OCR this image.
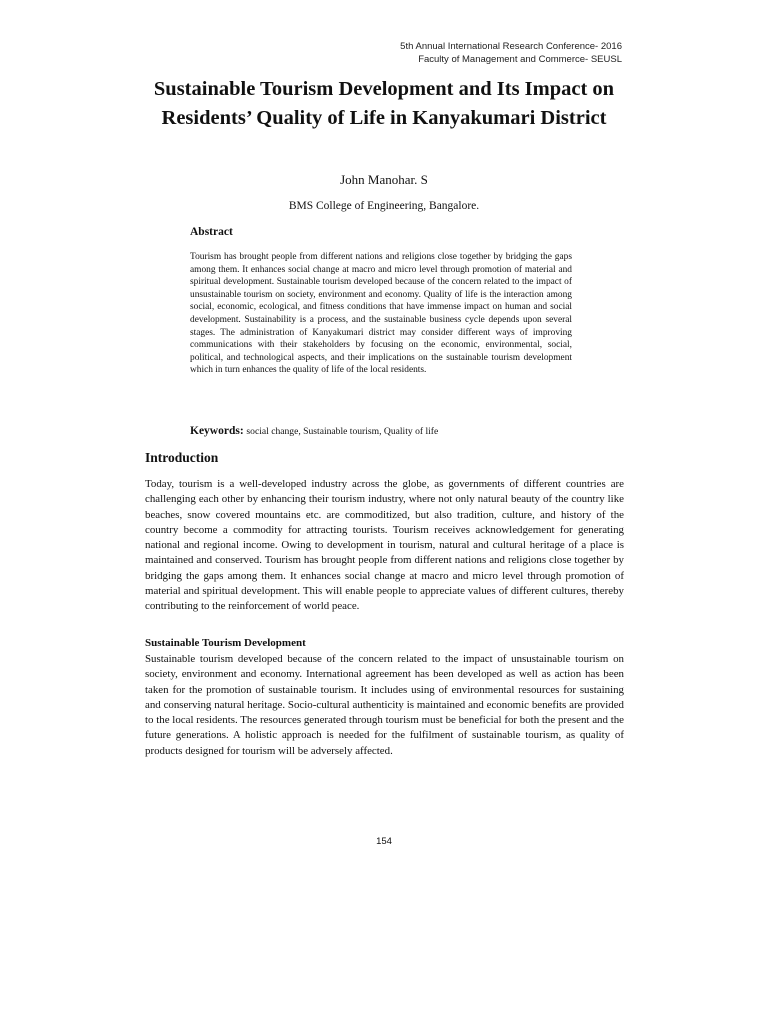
5th Annual International Research Conference- 2016
Faculty of Management and Commerce- SEUSL
Sustainable Tourism Development and Its Impact on Residents’ Quality of Life in Kanyakumari District
John Manohar. S
BMS College of Engineering, Bangalore.
Abstract

Tourism has brought people from different nations and religions close together by bridging the gaps among them. It enhances social change at macro and micro level through promotion of material and spiritual development. Sustainable tourism developed because of the concern related to the impact of unsustainable tourism on society, environment and economy. Quality of life is the interaction among social, economic, ecological, and fitness conditions that have immense impact on human and social development. Sustainability is a process, and the sustainable business cycle depends upon several stages. The administration of Kanyakumari district may consider different ways of improving communications with their stakeholders by focusing on the economic, environmental, social, political, and technological aspects, and their implications on the sustainable tourism development which in turn enhances the quality of life of the local residents.

Keywords: social change, Sustainable tourism, Quality of life
Introduction

Today, tourism is a well-developed industry across the globe, as governments of different countries are challenging each other by enhancing their tourism industry, where not only natural beauty of the country like beaches, snow covered mountains etc. are commoditized, but also tradition, culture, and history of the country become a commodity for attracting tourists. Tourism receives acknowledgement for generating national and regional income. Owing to development in tourism, natural and cultural heritage of a place is maintained and conserved. Tourism has brought people from different nations and religions close together by bridging the gaps among them. It enhances social change at macro and micro level through promotion of material and spiritual development. This will enable people to appreciate values of different cultures, thereby contributing to the reinforcement of world peace.

Sustainable Tourism Development

Sustainable tourism developed because of the concern related to the impact of unsustainable tourism on society, environment and economy. International agreement has been developed as well as action has been taken for the promotion of sustainable tourism. It includes using of environmental resources for sustaining and conserving natural heritage. Socio-cultural authenticity is maintained and economic benefits are provided to the local residents. The resources generated through tourism must be beneficial for both the present and the future generations. A holistic approach is needed for the fulfilment of sustainable tourism, as quality of products designed for tourism will be adversely affected.

154
